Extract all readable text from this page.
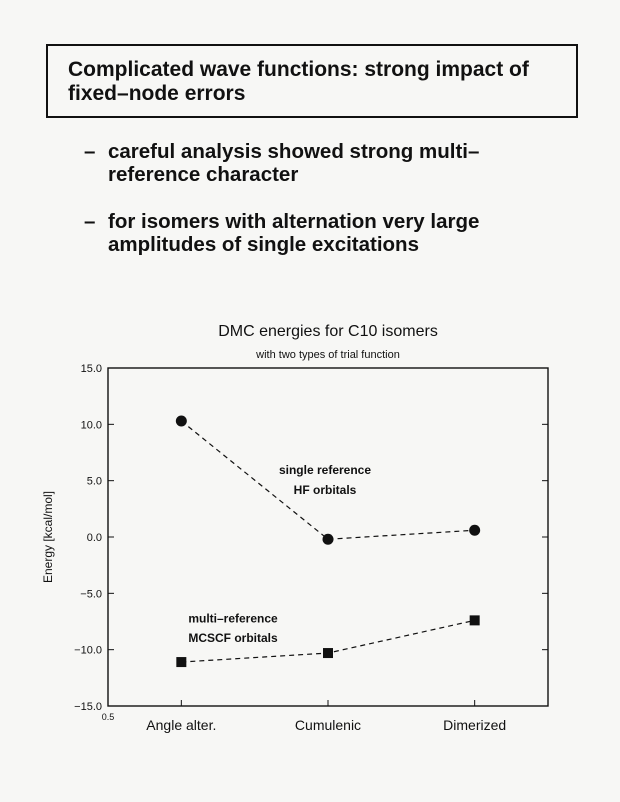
Complicated wave functions: strong impact of fixed–node errors
– careful analysis showed strong multi– reference character
– for isomers with alternation very large amplitudes of single excitations
DMC energies for C10 isomers
with two types of trial function
−15.0
−10.0
−5.0
0.0
5.0
10.0
15.0
0.5 Angle alter.	Cumulenic	Dimerized
Energy [kcal/mol]
single reference
HF orbitals
multi–reference
MCSCF orbitals
